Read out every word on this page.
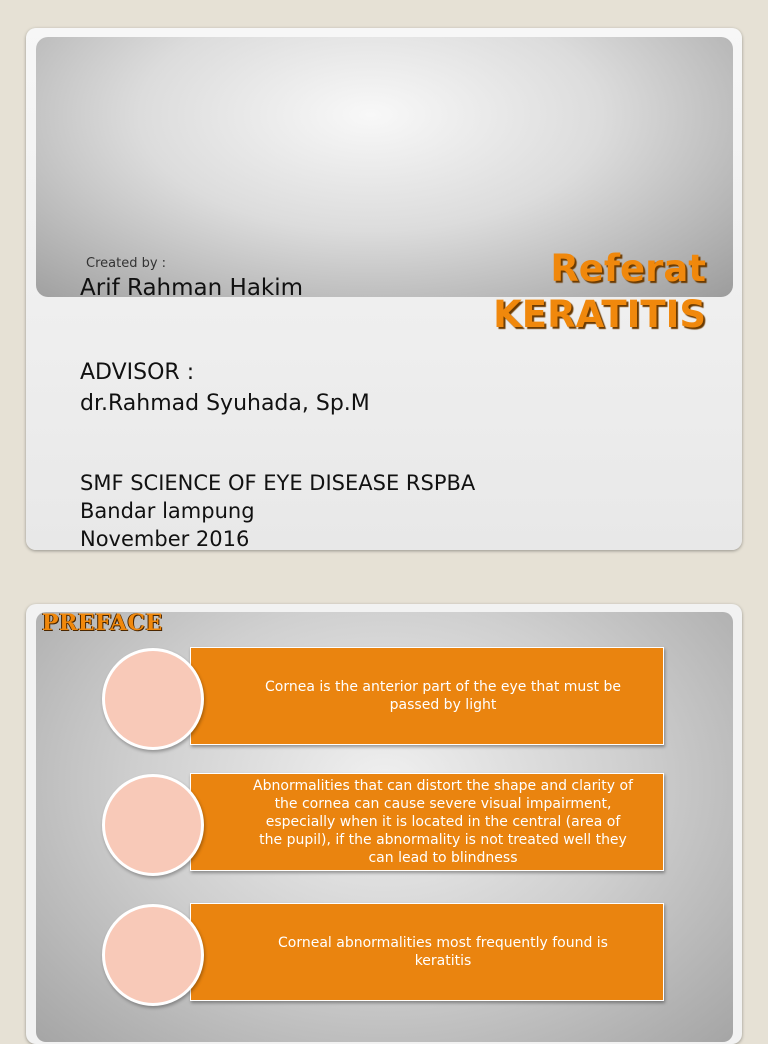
Created by :
Arif Rahman Hakim	Referat
KERATITIS
ADVISOR :
dr.Rahmad Syuhada, Sp.M
SMF SCIENCE OF EYE DISEASE RSPBA
Bandar lampung
November 2016
PREFACE
Cornea is the anterior part of the eye that must be passed by light
Abnormalities that can distort the shape and clarity of the cornea can cause severe visual impairment, especially when it is located in the central (area of the pupil), if the abnormality is not treated well they can lead to blindness
Corneal abnormalities most frequently found is keratitis
